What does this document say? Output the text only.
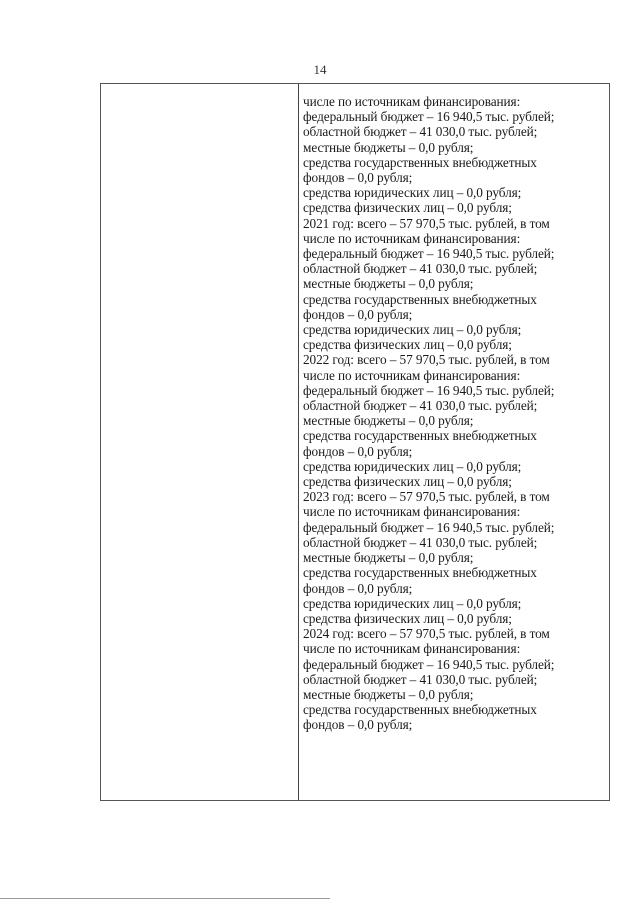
14
числе по источникам финансирования:
федеральный бюджет – 16 940,5 тыс. рублей;
областной бюджет – 41 030,0 тыс. рублей;
местные бюджеты – 0,0 рубля;
средства государственных внебюджетных
фондов – 0,0 рубля;
средства юридических лиц – 0,0 рубля;
средства физических лиц – 0,0 рубля;
2021 год: всего – 57 970,5 тыс. рублей, в том
числе по источникам финансирования:
федеральный бюджет – 16 940,5 тыс. рублей;
областной бюджет – 41 030,0 тыс. рублей;
местные бюджеты – 0,0 рубля;
средства государственных внебюджетных
фондов – 0,0 рубля;
средства юридических лиц – 0,0 рубля;
средства физических лиц – 0,0 рубля;
2022 год: всего – 57 970,5 тыс. рублей, в том
числе по источникам финансирования:
федеральный бюджет – 16 940,5 тыс. рублей;
областной бюджет – 41 030,0 тыс. рублей;
местные бюджеты – 0,0 рубля;
средства государственных внебюджетных
фондов – 0,0 рубля;
средства юридических лиц – 0,0 рубля;
средства физических лиц – 0,0 рубля;
2023 год: всего – 57 970,5 тыс. рублей, в том
числе по источникам финансирования:
федеральный бюджет – 16 940,5 тыс. рублей;
областной бюджет – 41 030,0 тыс. рублей;
местные бюджеты – 0,0 рубля;
средства государственных внебюджетных
фондов – 0,0 рубля;
средства юридических лиц – 0,0 рубля;
средства физических лиц – 0,0 рубля;
2024 год: всего – 57 970,5 тыс. рублей, в том
числе по источникам финансирования:
федеральный бюджет – 16 940,5 тыс. рублей;
областной бюджет – 41 030,0 тыс. рублей;
местные бюджеты – 0,0 рубля;
средства государственных внебюджетных
фондов – 0,0 рубля;
